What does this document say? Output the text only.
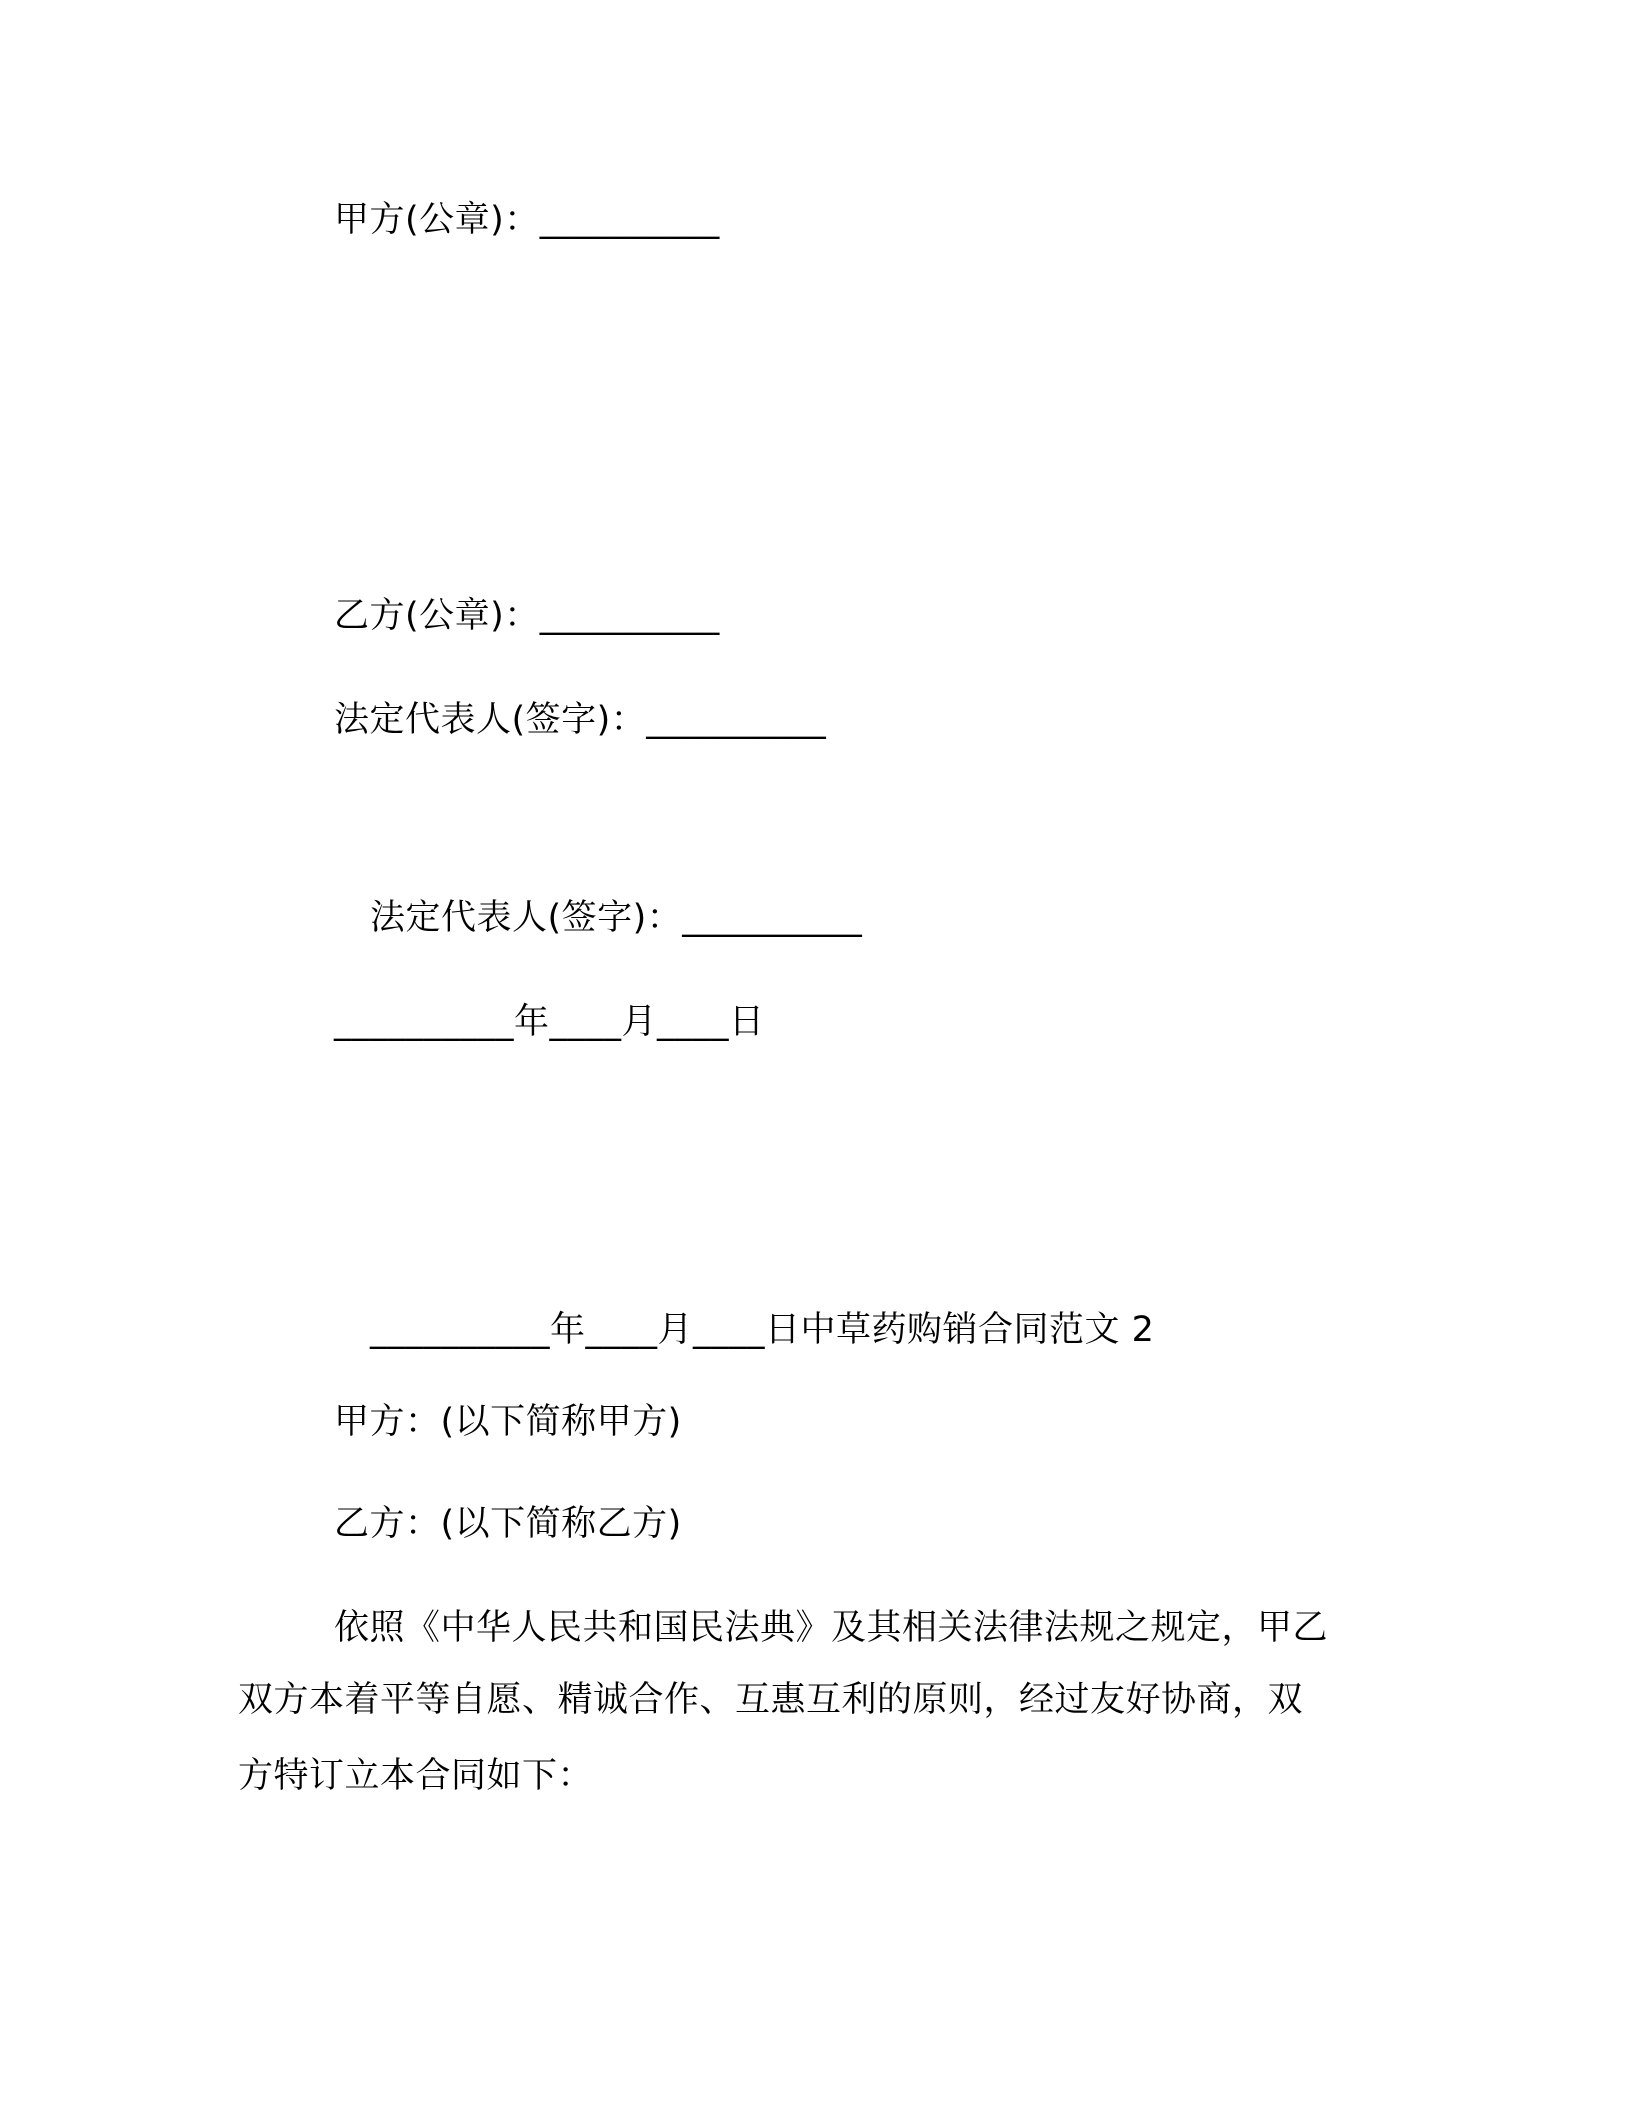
甲方(公章)：__________
乙方(公章)：__________
法定代表人(签字)：__________
法定代表人(签字)：__________
__________年____月____日
__________年____月____日中草药购销合同范文 2
甲方：(以下简称甲方)
乙方：(以下简称乙方)
依照《中华人民共和国民法典》及其相关法律法规之规定，甲乙
双方本着平等自愿、精诚合作、互惠互利的原则，经过友好协商，双
方特订立本合同如下：
